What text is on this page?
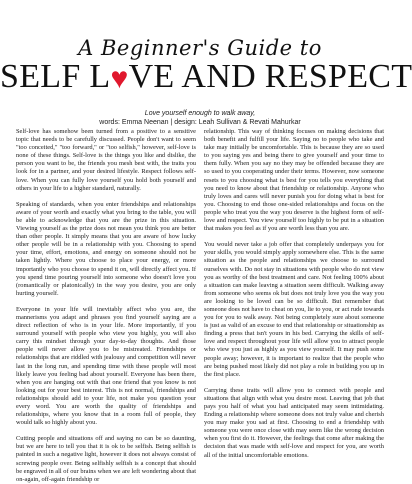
A Beginner's Guide to
SELF L♥VE AND RESPECT
Love yourself enough to walk away,
words: Emma Neenan | design: Leah Sullivan & Revati Mahurkar

Self-love has somehow been turned from a positive to a sensitive topic that needs to be carefully discussed. People don't want to seem "too conceited," "too forward," or "too selfish," however, self-love is none of these things. Self-love is the things you like and dislike, the person you want to be, the friends you mesh best with, the traits you look for in a partner, and your desired lifestyle. Respect follows self-love. When you can fully love yourself you hold both yourself and others in your life to a higher standard, naturally.

Speaking of standards, when you enter friendships and relationships aware of your worth and exactly what you bring to the table, you will be able to acknowledge that you are the prize in this situation. Viewing yourself as the prize does not mean you think you are better than other people. It simply means that you are aware of how lucky other people will be in a relationship with you. Choosing to spend your time, effort, emotions, and energy on someone should not be taken lightly. Where you choose to place your energy, or more importantly who you choose to spend it on, will directly affect you. If you spend time pouring yourself into someone who doesn't love you (romantically or platonically) in the way you desire, you are only hurting yourself.

Everyone in your life will inevitably affect who you are, the mannerisms you adapt and phrases you find yourself saying are a direct reflection of who is in your life. More importantly, if you surround yourself with people who view you highly, you will also carry this mindset through your day-to-day thoughts. And those people will never allow you to be mistreated. Friendships or relationships that are riddled with jealousy and competition will never last in the long run, and spending time with these people will most likely leave you feeling bad about yourself. Everyone has been there, when you are hanging out with that one friend that you know is not looking out for your best interest. This is not normal, friendships and relationships should add to your life, not make you question your every word. You are worth the quality of friendships and relationships, where you know that in a room full of people, they would talk so highly about you.

Cutting people and situations off and saying no can be so daunting, but we are here to tell you that it is ok to be selfish. Being selfish is painted in such a negative light, however it does not always consist of screwing people over. Being selfishly selfish is a concept that should be engraved in all of our brains when we are left wondering about that on-again, off-again friendship or

relationship. This way of thinking focuses on making decisions that both benefit and fulfill your life. Saying no to people who take and take may initially be uncomfortable. This is because they are so used to you saying yes and being there to give yourself and your time to them fully. When you say no they may be offended because they are so used to you cooperating under their terms. However, now someone resets to you choosing what is best for you tells you everything that you need to know about that friendship or relationship. Anyone who truly loves and cares will never punish you for doing what is best for you. Choosing to end those one-sided relationships and focus on the people who treat you the way you deserve is the highest form of self-love and respect. You view yourself too highly to be put in a situation that makes you feel as if you are worth less than you are.

You would never take a job offer that completely underpays you for your skills, you would simply apply somewhere else. This is the same situation as the people and relationships we choose to surround ourselves with. Do not stay in situations with people who do not view you as worthy of the best treatment and care. Not feeling 100% about a situation can make leaving a situation seem difficult. Walking away from someone who seems ok but does not truly love you the way you are looking to be loved can be so difficult. But remember that someone does not have to cheat on you, lie to you, or act rude towards you for you to walk away. Not being completely sure about someone is just as valid of an excuse to end that relationship or situationship as finding a press that isn't yours in his bed. Carrying the skills of self-love and respect throughout your life will allow you to attract people who view you just as highly as you view yourself. It may push some people away; however, it is important to realize that the people who are being pushed most likely did not play a role in building you up in the first place.

Carrying these traits will allow you to connect with people and situations that align with what you desire most. Leaving that job that pays you half of what you had anticipated may seem intimidating. Ending a relationship where someone does not truly value and cherish you may make you sad at first. Choosing to end a friendship with someone you were once close with may seem like the wrong decision when you first do it. However, the feelings that come after making the decision that was made with self-love and respect for you, are worth all of the initial uncomfortable emotions.
